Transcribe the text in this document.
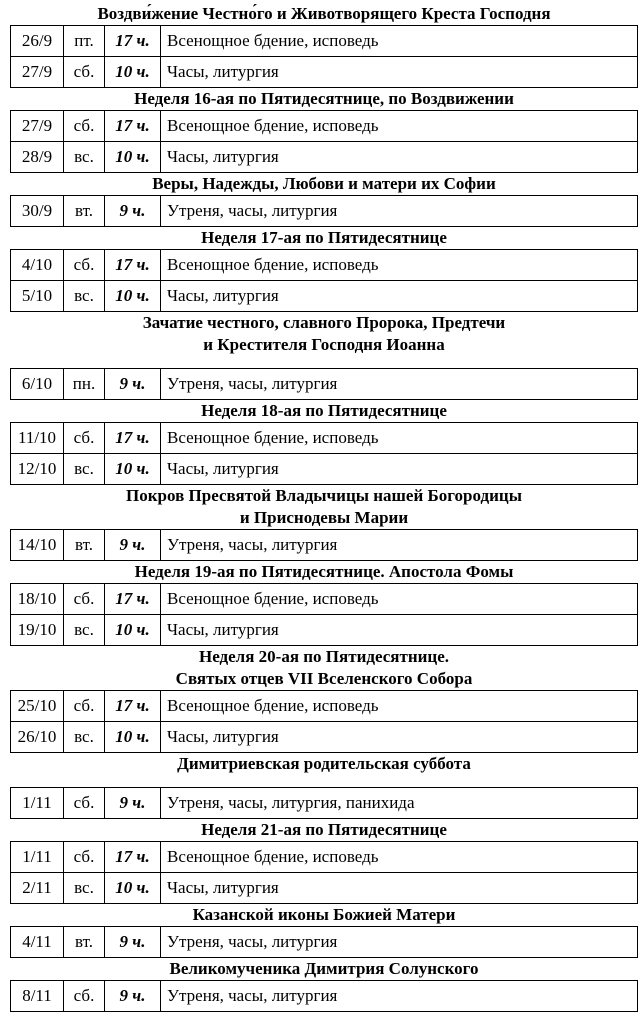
Воздви́жение Честно́го и Животворящего Креста Господня
26/9	пт.	17 ч.	Всенощное бдение, исповедь
27/9	сб.	10 ч.	Часы, литургия
Неделя 16-ая по Пятидесятнице, по Воздвижении
27/9	сб.	17 ч.	Всенощное бдение, исповедь
28/9	вс.	10 ч.	Часы, литургия
Веры, Надежды, Любови и матери их Софии
30/9	вт.	9 ч.	Утреня, часы, литургия
Неделя 17-ая по Пятидесятнице
4/10	сб.	17 ч.	Всенощное бдение, исповедь
5/10	вс.	10 ч.	Часы, литургия
Зачатие честного, славного Пророка, Предтечи
и Крестителя Господня Иоанна
6/10	пн.	9 ч.	Утреня, часы, литургия
Неделя 18-ая по Пятидесятнице
11/10	сб.	17 ч.	Всенощное бдение, исповедь
12/10	вс.	10 ч.	Часы, литургия
Покров Пресвятой Владычицы нашей Богородицы
и Приснодевы Марии
14/10	вт.	9 ч.	Утреня, часы, литургия
Неделя 19-ая по Пятидесятнице. Апостола Фомы
18/10	сб.	17 ч.	Всенощное бдение, исповедь
19/10	вс.	10 ч.	Часы, литургия
Неделя 20-ая по Пятидесятнице.
Святых отцев VII Вселенского Собора
25/10	сб.	17 ч.	Всенощное бдение, исповедь
26/10	вс.	10 ч.	Часы, литургия
Димитриевская родительская суббота
1/11	сб.	9 ч.	Утреня, часы, литургия, панихида
Неделя 21-ая по Пятидесятнице
1/11	сб.	17 ч.	Всенощное бдение, исповедь
2/11	вс.	10 ч.	Часы, литургия
Казанской иконы Божией Матери
4/11	вт.	9 ч.	Утреня, часы, литургия
Великомученика Димитрия Солунского
8/11	сб.	9 ч.	Утреня, часы, литургия
